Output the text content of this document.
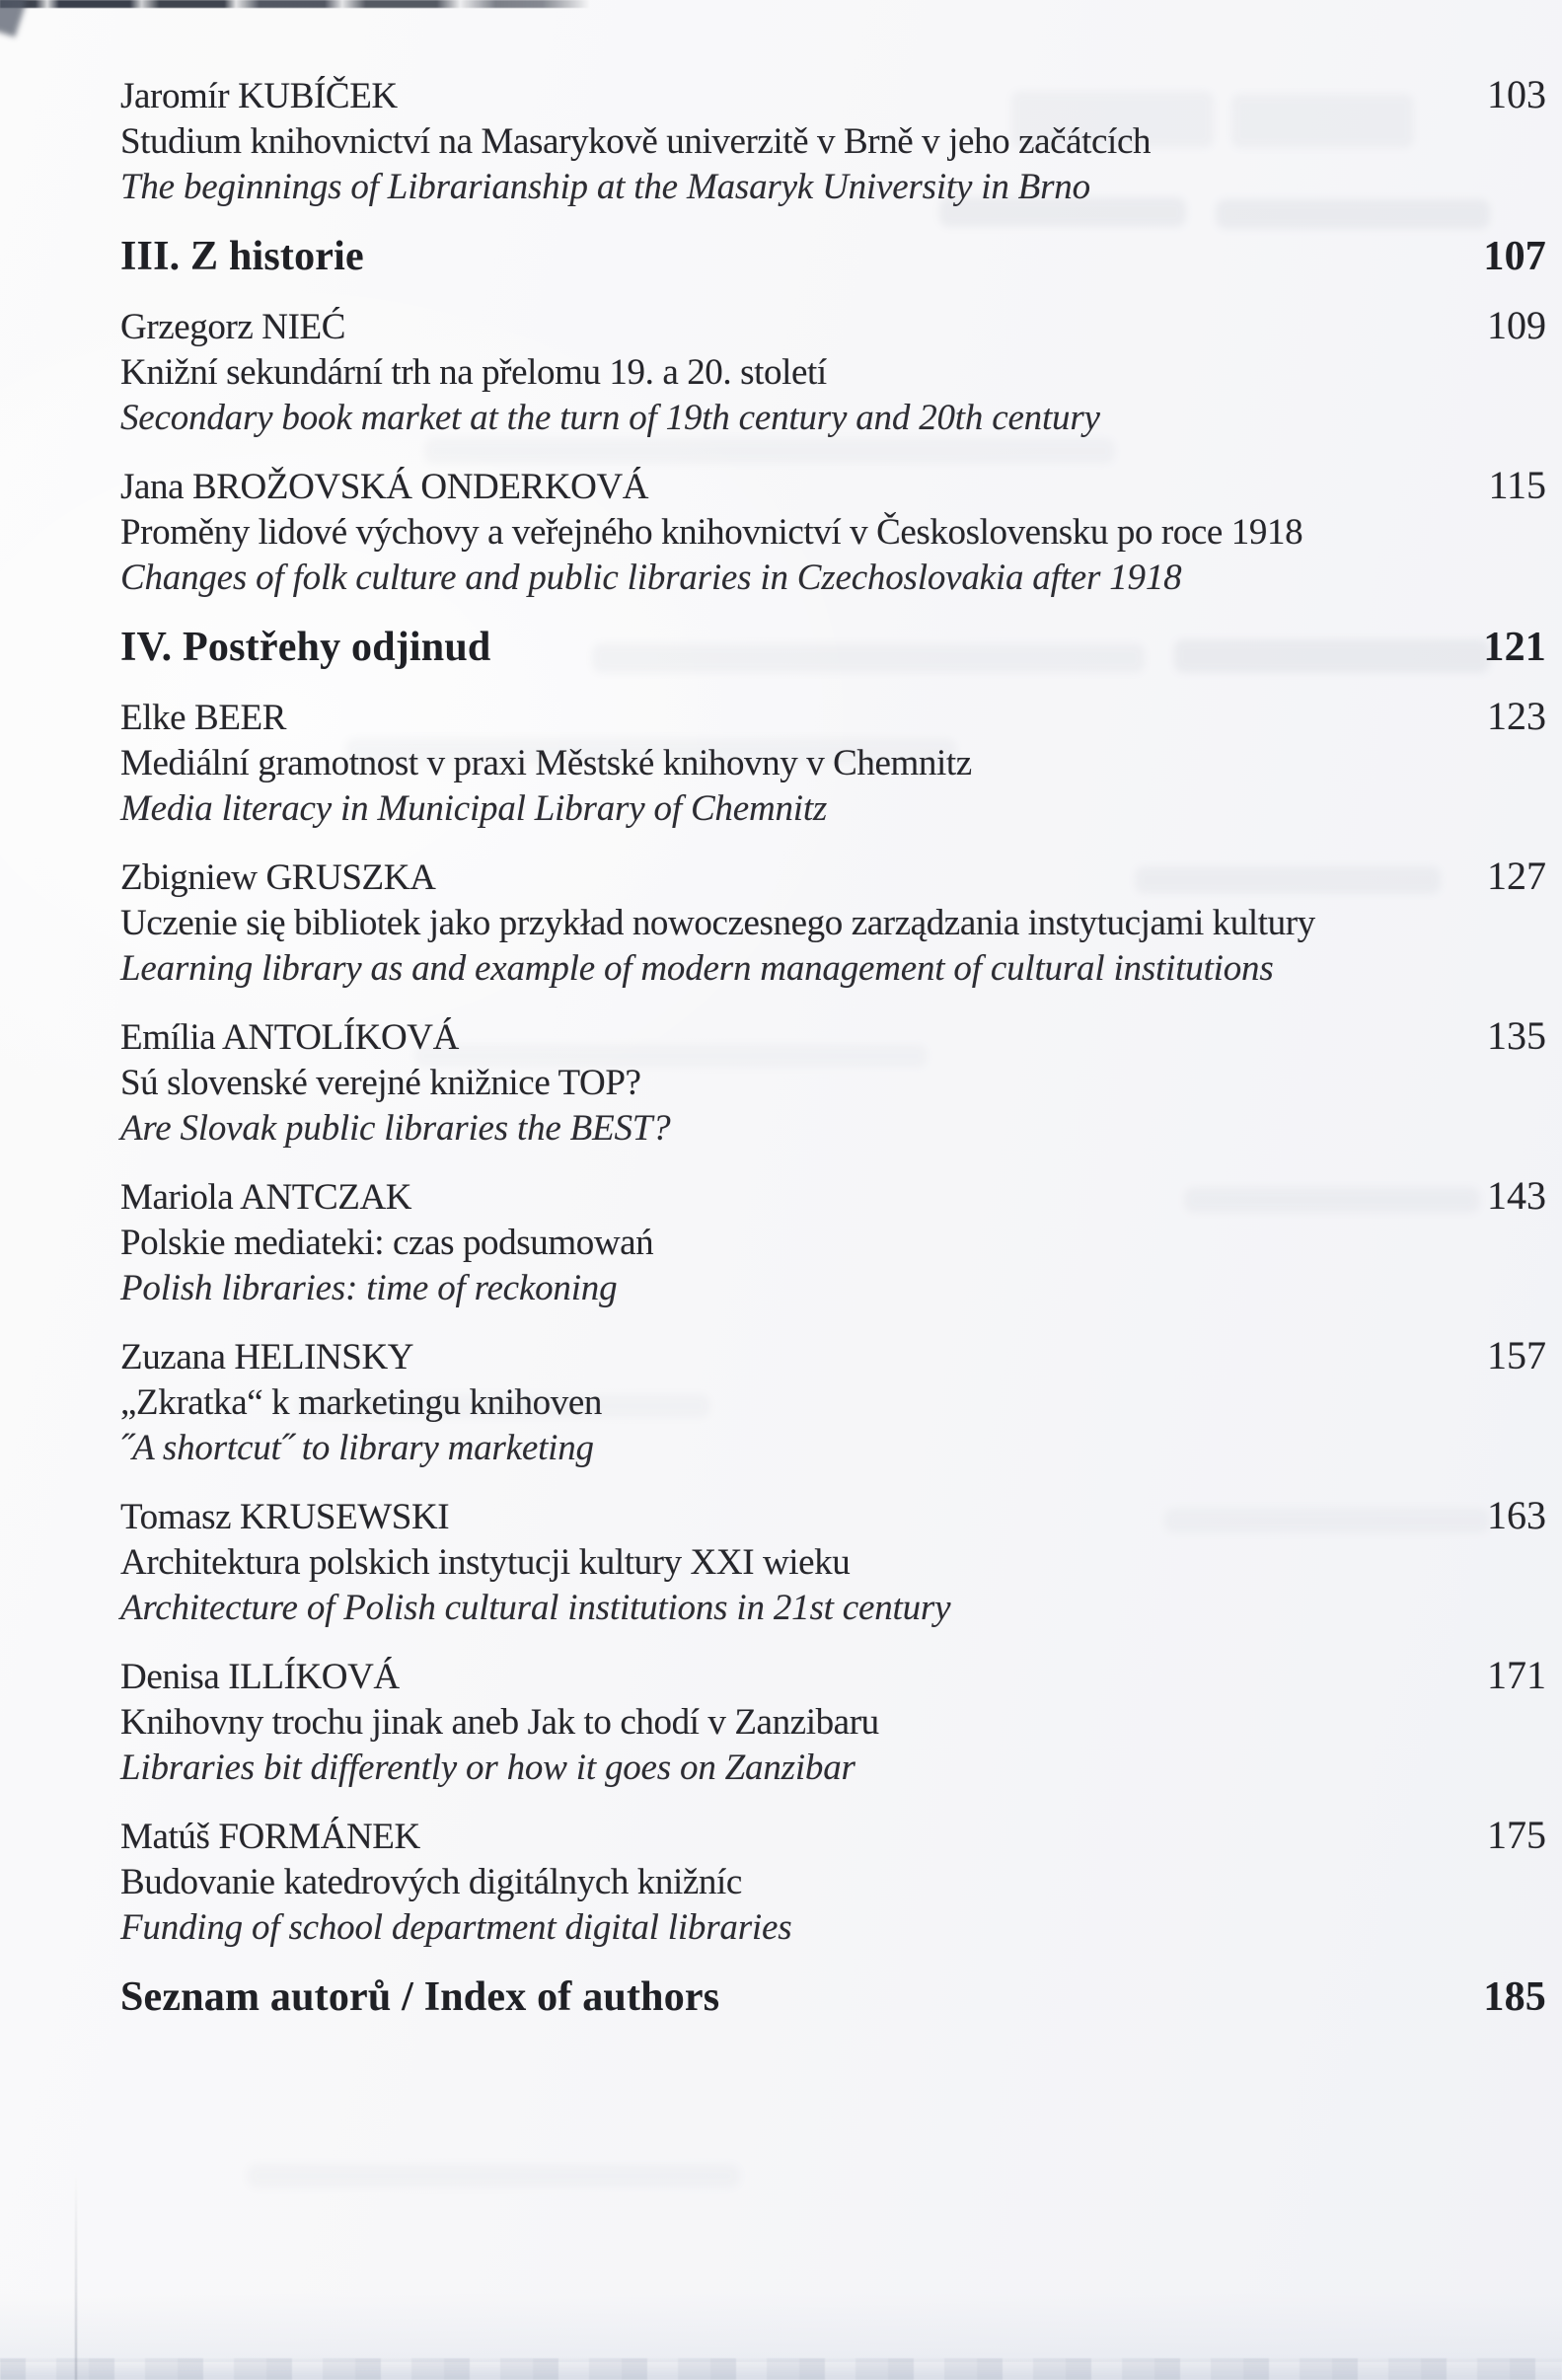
Jaromír KUBÍČEK	103
Studium knihovnictví na Masarykově univerzitě v Brně v jeho začátcích
The beginnings of Librarianship at the Masaryk University in Brno
III. Z historie	107
Grzegorz NIEĆ	109
Knižní sekundární trh na přelomu 19. a 20. století
Secondary book market at the turn of 19th century and 20th century
Jana BROŽOVSKÁ ONDERKOVÁ	115
Proměny lidové výchovy a veřejného knihovnictví v Československu po roce 1918
Changes of folk culture and public libraries in Czechoslovakia after 1918
IV. Postřehy odjinud	121
Elke BEER	123
Mediální gramotnost v praxi Městské knihovny v Chemnitz
Media literacy in Municipal Library of Chemnitz
Zbigniew GRUSZKA	127
Uczenie się bibliotek jako przykład nowoczesnego zarządzania instytucjami kultury
Learning library as and example of modern management of cultural institutions
Emília ANTOLÍKOVÁ	135
Sú slovenské verejné knižnice TOP?
Are Slovak public libraries the BEST?
Mariola ANTCZAK	143
Polskie mediateki: czas podsumowań
Polish libraries: time of reckoning
Zuzana HELINSKY	157
„Zkratka“ k marketingu knihoven
˝A shortcut˝ to library marketing
Tomasz KRUSEWSKI	163
Architektura polskich instytucji kultury XXI wieku
Architecture of Polish cultural institutions in 21st century
Denisa ILLÍKOVÁ	171
Knihovny trochu jinak aneb Jak to chodí v Zanzibaru
Libraries bit differently or how it goes on Zanzibar
Matúš FORMÁNEK	175
Budovanie katedrových digitálnych knižníc
Funding of school department digital libraries
Seznam autorů / Index of authors	185
